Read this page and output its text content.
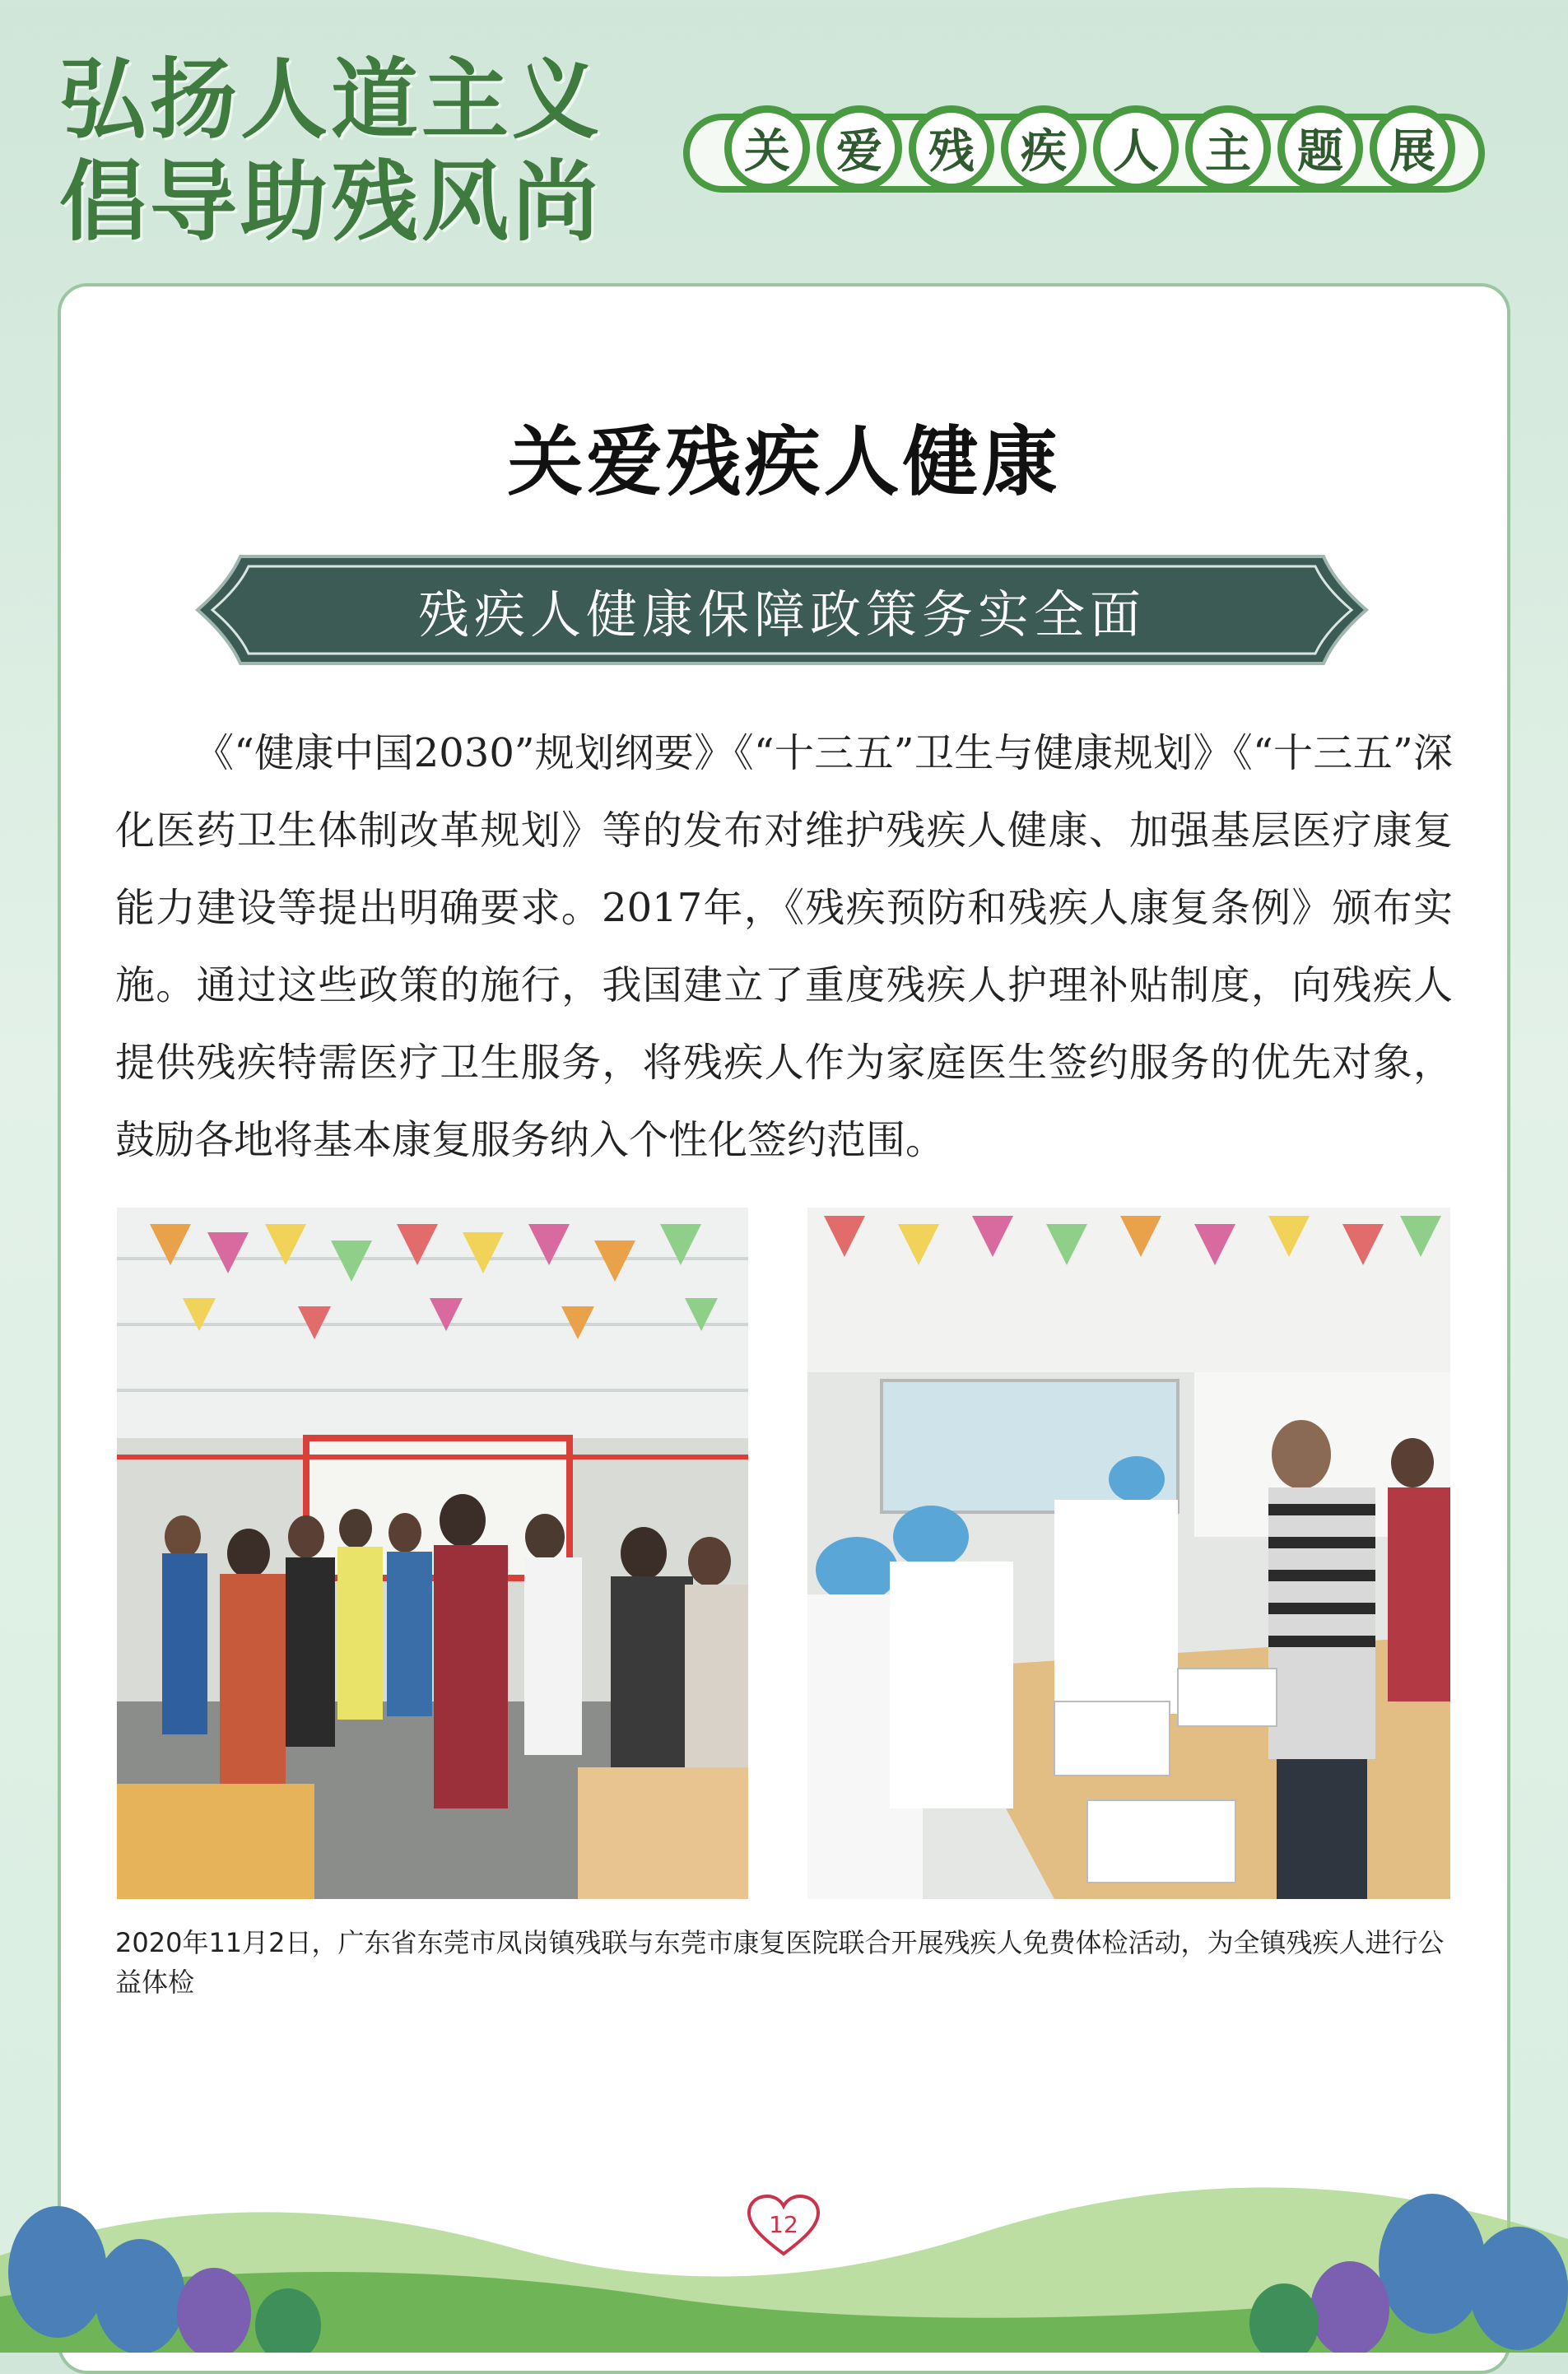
弘扬人道主义
倡导助残风尚	关	爱	残	疾	人	主	题	展
关爱残疾人健康
残疾人健康保障政策务实全面

《“健康中国2030”规划纲要》《“十三五”卫生与健康规划》《“十三五”深化医药卫生体制改革规划》等的发布对维护残疾人健康、加强基层医疗康复能力建设等提出明确要求。2017年，《残疾预防和残疾人康复条例》颁布实施。通过这些政策的施行，我国建立了重度残疾人护理补贴制度，向残疾人提供残疾特需医疗卫生服务，将残疾人作为家庭医生签约服务的优先对象，鼓励各地将基本康复服务纳入个性化签约范围。

2020年11月2日，广东省东莞市凤岗镇残联与东莞市康复医院联合开展残疾人免费体检活动，为全镇残疾人进行公益体检
12
